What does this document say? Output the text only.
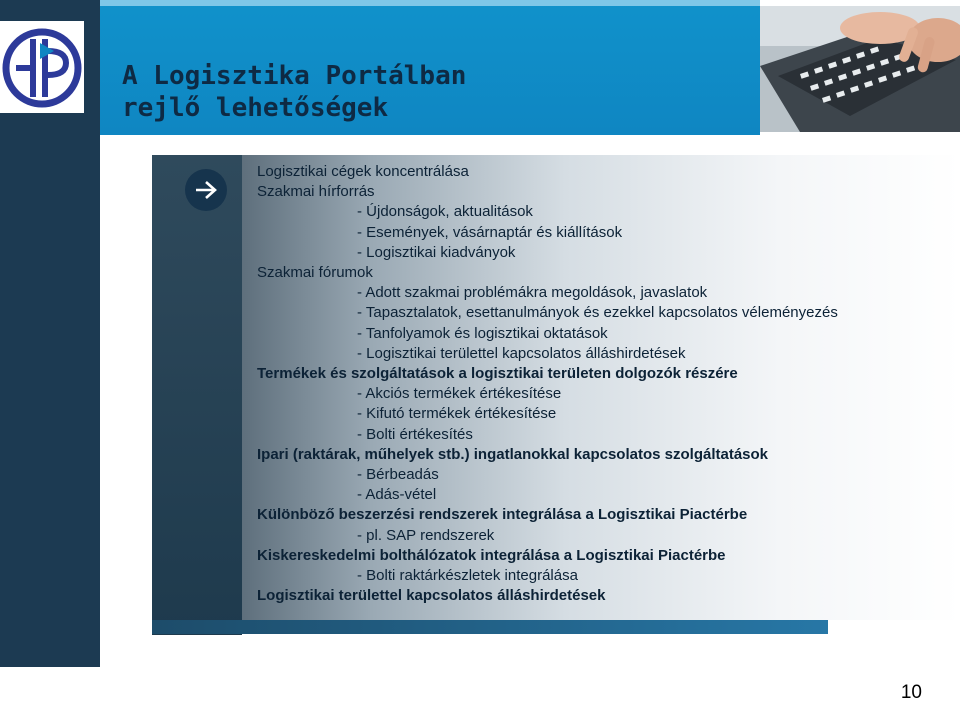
A Logisztika Portálban
rejlő lehetőségek
Logisztikai cégek koncentrálása
Szakmai hírforrás
- Újdonságok, aktualitások
- Események, vásárnaptár és kiállítások
- Logisztikai kiadványok
Szakmai fórumok
- Adott szakmai problémákra megoldások, javaslatok
- Tapasztalatok, esettanulmányok és ezekkel kapcsolatos véleményezés
- Tanfolyamok és logisztikai oktatások
- Logisztikai területtel kapcsolatos álláshirdetések
Termékek és szolgáltatások a logisztikai területen dolgozók részére
- Akciós termékek értékesítése
- Kifutó termékek értékesítése
- Bolti értékesítés
Ipari (raktárak, műhelyek stb.) ingatlanokkal kapcsolatos szolgáltatások
- Bérbeadás
- Adás-vétel
Különböző beszerzési rendszerek integrálása a Logisztikai Piactérbe
- pl. SAP rendszerek
Kiskereskedelmi bolthálózatok integrálása a Logisztikai Piactérbe
- Bolti raktárkészletek integrálása
Logisztikai területtel kapcsolatos álláshirdetések
10
